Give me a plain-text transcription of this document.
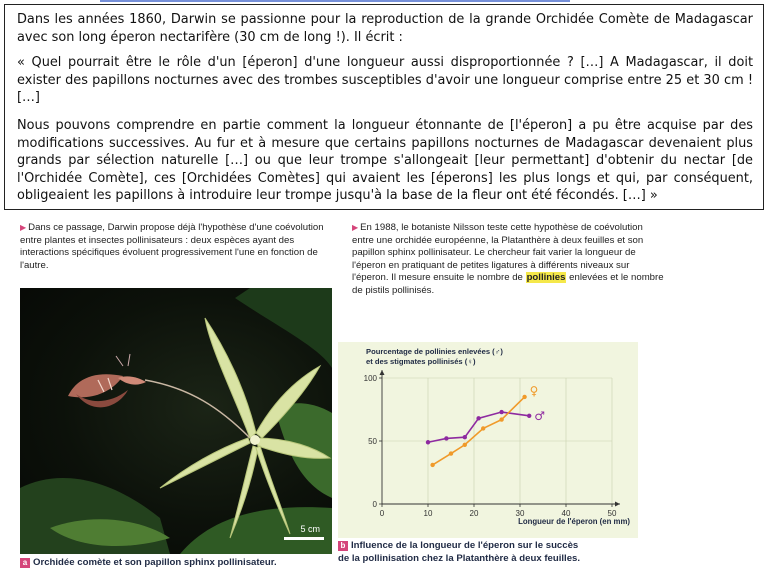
Dans les années 1860, Darwin se passionne pour la reproduction de la grande Orchidée Comète de Madagascar avec son long éperon nectarifère (30 cm de long !). Il écrit :

« Quel pourrait être le rôle d'un [éperon] d'une longueur aussi disproportionnée ? […] A Madagascar, il doit exister des papillons nocturnes avec des trombes susceptibles d'avoir une longueur comprise entre 25 et 30 cm ! […]

Nous pouvons comprendre en partie comment la longueur étonnante de [l'éperon] a pu être acquise par des modifications successives. Au fur et à mesure que certains papillons nocturnes de Madagascar devenaient plus grands par sélection naturelle […] ou que leur trompe s'allongeait [leur permettant] d'obtenir du nectar [de l'Orchidée Comète], ces [Orchidées Comètes] qui avaient les [éperons] les plus longs et qui, par conséquent, obligeaient les papillons à introduire leur trompe jusqu'à la base de la fleur ont été fécondés. […] »

▶ Dans ce passage, Darwin propose déjà l'hypothèse d'une coévolution entre plantes et insectes pollinisateurs : deux espèces ayant des interactions spécifiques évoluent progressivement l'une en fonction de l'autre.
▶ En 1988, le botaniste Nilsson teste cette hypothèse de coévolution entre une orchidée européenne, la Platanthère à deux feuilles et son papillon sphinx pollinisateur. Le chercheur fait varier la longueur de l'éperon en pratiquant de petites ligatures à différents niveaux sur l'éperon. Il mesure ensuite le nombre de pollinies enlevées et le nombre de pistils pollinisés.
5 cm
a Orchidée comète et son papillon sphinx pollinisateur.
Pourcentage de pollinies enlevées (♂)
et des stigmates pollinisés (♀)
Longueur de l'éperon (en mm)
0	10	20	30	40	50
0
50
100
♂
♀
b Influence de la longueur de l'éperon sur le succès
de la pollinisation chez la Platanthère à deux feuilles.
